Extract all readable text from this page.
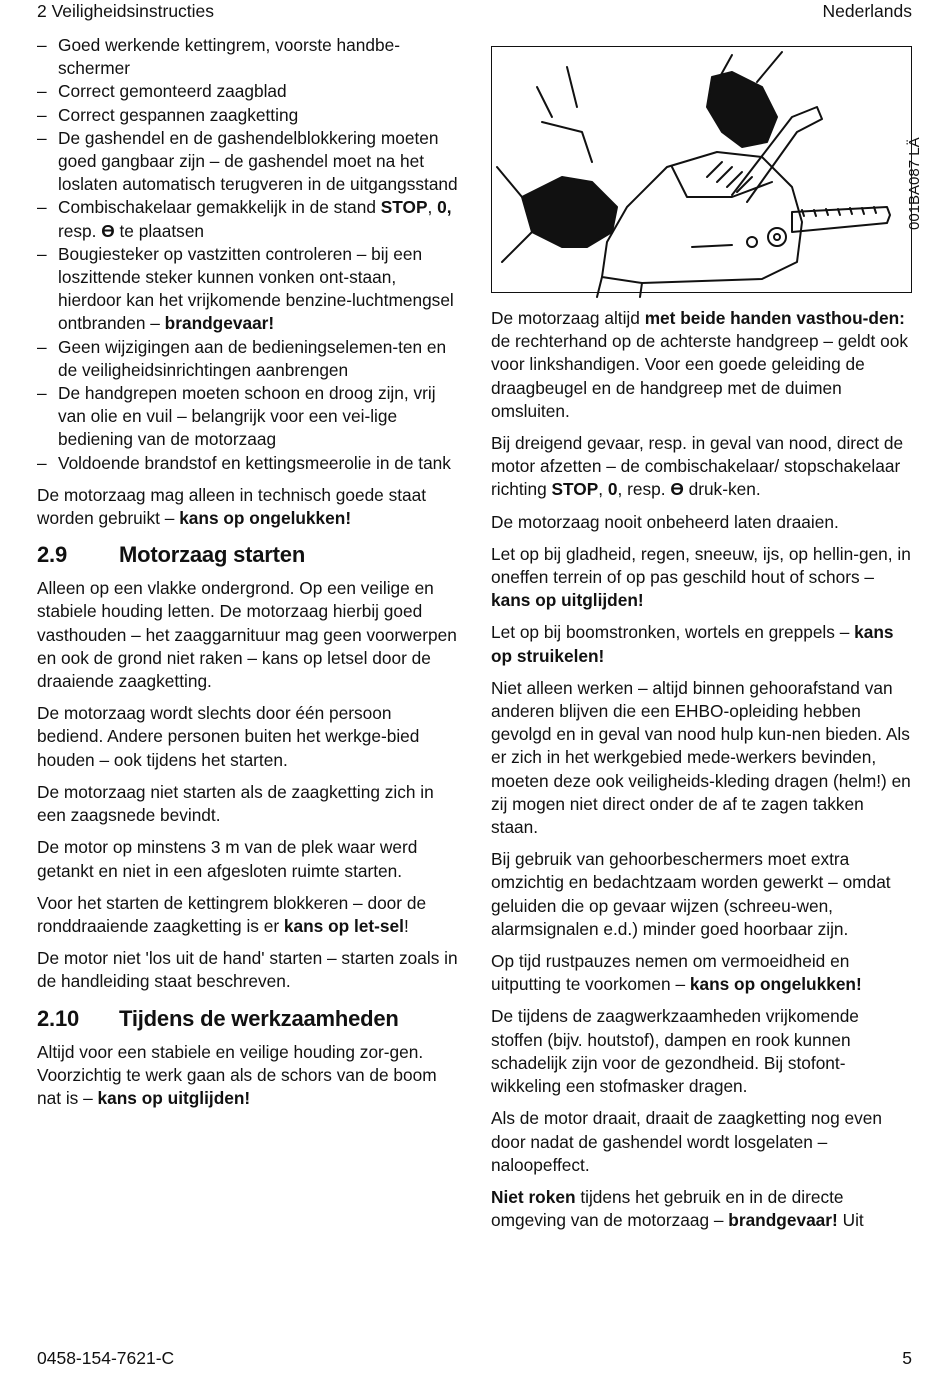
2 Veiligheidsinstructies	Nederlands
– Goed werkende kettingrem, voorste handbe-schermer
– Correct gemonteerd zaagblad
– Correct gespannen zaagketting
– De gashendel en de gashendelblokkering moeten goed gangbaar zijn – de gashendel moet na het loslaten automatisch terugveren in de uitgangsstand
– Combischakelaar gemakkelijk in de stand STOP, 0, resp. Ɵ te plaatsen
– Bougiesteker op vastzitten controleren – bij een loszittende steker kunnen vonken ont-staan, hierdoor kan het vrijkomende benzine-luchtmengsel ontbranden – brandgevaar!
– Geen wijzigingen aan de bedieningselemen-ten en de veiligheidsinrichtingen aanbrengen
– De handgrepen moeten schoon en droog zijn, vrij van olie en vuil – belangrijk voor een vei-lige bediening van de motorzaag
– Voldoende brandstof en kettingsmeerolie in de tank

De motorzaag mag alleen in technisch goede staat worden gebruikt – kans op ongelukken!

2.9 Motorzaag starten

Alleen op een vlakke ondergrond. Op een veilige en stabiele houding letten. De motorzaag hierbij goed vasthouden – het zaaggarnituur mag geen voorwerpen en ook de grond niet raken – kans op letsel door de draaiende zaagketting.

De motorzaag wordt slechts door één persoon bediend. Andere personen buiten het werkge-bied houden – ook tijdens het starten.

De motorzaag niet starten als de zaagketting zich in een zaagsnede bevindt.

De motor op minstens 3 m van de plek waar werd getankt en niet in een afgesloten ruimte starten.

Voor het starten de kettingrem blokkeren – door de ronddraaiende zaagketting is er kans op let-sel!

De motor niet 'los uit de hand' starten – starten zoals in de handleiding staat beschreven.

2.10 Tijdens de werkzaamheden

Altijd voor een stabiele en veilige houding zor-gen. Voorzichtig te werk gaan als de schors van de boom nat is – kans op uitglijden!

001BA087 LÄ

De motorzaag altijd met beide handen vasthou-den: de rechterhand op de achterste handgreep – geldt ook voor linkshandigen. Voor een goede geleiding de draagbeugel en de handgreep met de duimen omsluiten.

Bij dreigend gevaar, resp. in geval van nood, direct de motor afzetten – de combischakelaar/ stopschakelaar richting STOP, 0, resp. Ɵ druk-ken.

De motorzaag nooit onbeheerd laten draaien.

Let op bij gladheid, regen, sneeuw, ijs, op hellin-gen, in oneffen terrein of op pas geschild hout of schors – kans op uitglijden!

Let op bij boomstronken, wortels en greppels – kans op struikelen!

Niet alleen werken – altijd binnen gehoorafstand van anderen blijven die een EHBO-opleiding hebben gevolgd en in geval van nood hulp kun-nen bieden. Als er zich in het werkgebied mede-werkers bevinden, moeten deze ook veiligheids-kleding dragen (helm!) en zij mogen niet direct onder de af te zagen takken staan.

Bij gebruik van gehoorbeschermers moet extra omzichtig en bedachtzaam worden gewerkt – omdat geluiden die op gevaar wijzen (schreeu-wen, alarmsignalen e.d.) minder goed hoorbaar zijn.

Op tijd rustpauzes nemen om vermoeidheid en uitputting te voorkomen – kans op ongelukken!

De tijdens de zaagwerkzaamheden vrijkomende stoffen (bijv. houtstof), dampen en rook kunnen schadelijk zijn voor de gezondheid. Bij stofont-wikkeling een stofmasker dragen.

Als de motor draait, draait de zaagketting nog even door nadat de gashendel wordt losgelaten – naloopeffect.

Niet roken tijdens het gebruik en in de directe omgeving van de motorzaag – brandgevaar! Uit

0458-154-7621-C	5
